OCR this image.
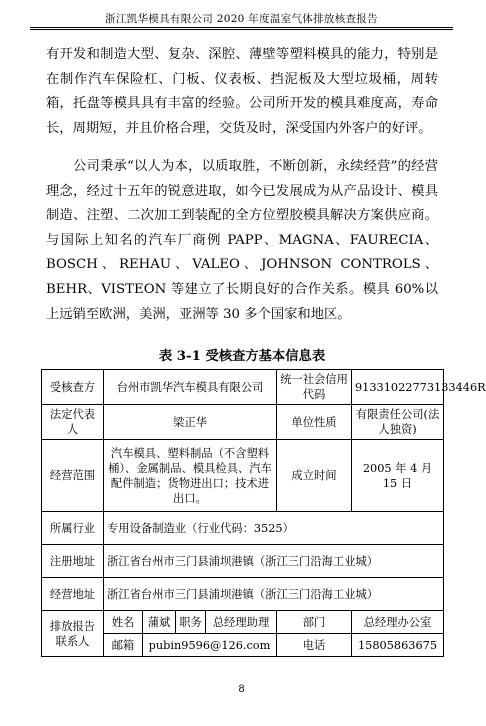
浙江凯华模具有限公司 2020 年度温室气体排放核查报告
有开发和制造大型、复杂、深腔、薄壁等塑料模具的能力，特别是在制作汽车保险杠、门板、仪表板、挡泥板及大型垃圾桶，周转箱，托盘等模具具有丰富的经验。公司所开发的模具难度高，寿命长，周期短，并且价格合理，交货及时，深受国内外客户的好评。
公司秉承“以人为本，以质取胜，不断创新，永续经营”的经营理念，经过十五年的锐意进取，如今已发展成为从产品设计、模具制造、注塑、二次加工到装配的全方位塑胶模具解决方案供应商。与国际上知名的汽车厂商例 PAPP、MAGNA、FAURECIA、BOSCH、REHAU、VALEO、JOHNSON CONTROLS、BEHR、VISTEON 等建立了长期良好的合作关系。模具 60%以上远销至欧洲，美洲，亚洲等 30 多个国家和地区。
表 3-1 受核查方基本信息表
受核查方	台州市凯华汽车模具有限公司				统一社会信用代码	91331022773133446R
法定代表人	梁正华				单位性质	有限责任公司(法人独资)
经营范围	汽车模具、塑料制品（不含塑料桶）、金属制品、模具检具、汽车配件制造；货物进出口；技术进出口。				成立时间	2005 年 4 月 15 日
所属行业	专用设备制造业（行业代码：3525）					
注册地址	浙江省台州市三门县浦坝港镇（浙江三门沿海工业城）					
经营地址	浙江省台州市三门县浦坝港镇（浙江三门沿海工业城）					
排放报告联系人	姓名	蒲斌	职务	总经理助理	部门	总经理办公室
	邮箱	pubin9596@126.com			电话	15805863675
8
